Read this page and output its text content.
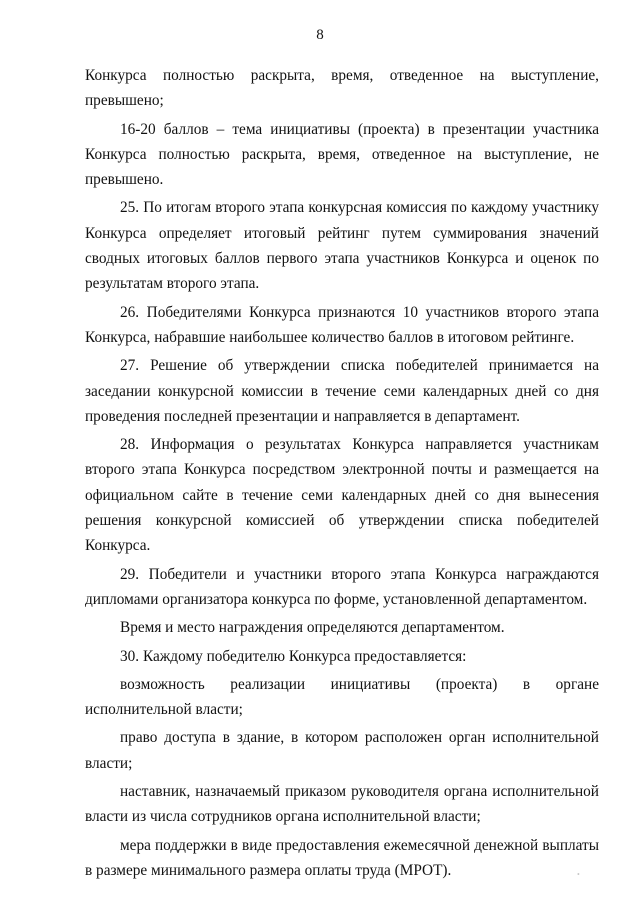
8

Конкурса полностью раскрыта, время, отведенное на выступление, превышено;

16-20 баллов – тема инициативы (проекта) в презентации участника Конкурса полностью раскрыта, время, отведенное на выступление, не превышено.

25. По итогам второго этапа конкурсная комиссия по каждому участнику Конкурса определяет итоговый рейтинг путем суммирования значений сводных итоговых баллов первого этапа участников Конкурса и оценок по результатам второго этапа.

26. Победителями Конкурса признаются 10 участников второго этапа Конкурса, набравшие наибольшее количество баллов в итоговом рейтинге.

27. Решение об утверждении списка победителей принимается на заседании конкурсной комиссии в течение семи календарных дней со дня проведения последней презентации и направляется в департамент.

28. Информация о результатах Конкурса направляется участникам второго этапа Конкурса посредством электронной почты и размещается на официальном сайте в течение семи календарных дней со дня вынесения решения конкурсной комиссией об утверждении списка победителей Конкурса.

29. Победители и участники второго этапа Конкурса награждаются дипломами организатора конкурса по форме, установленной департаментом.

Время и место награждения определяются департаментом.

30. Каждому победителю Конкурса предоставляется:

возможность реализации инициативы (проекта) в органе исполнительной власти;

право доступа в здание, в котором расположен орган исполнительной власти;

наставник, назначаемый приказом руководителя органа исполнительной власти из числа сотрудников органа исполнительной власти;

мера поддержки в виде предоставления ежемесячной денежной выплаты в размере минимального размера оплаты труда (МРОТ).	•
